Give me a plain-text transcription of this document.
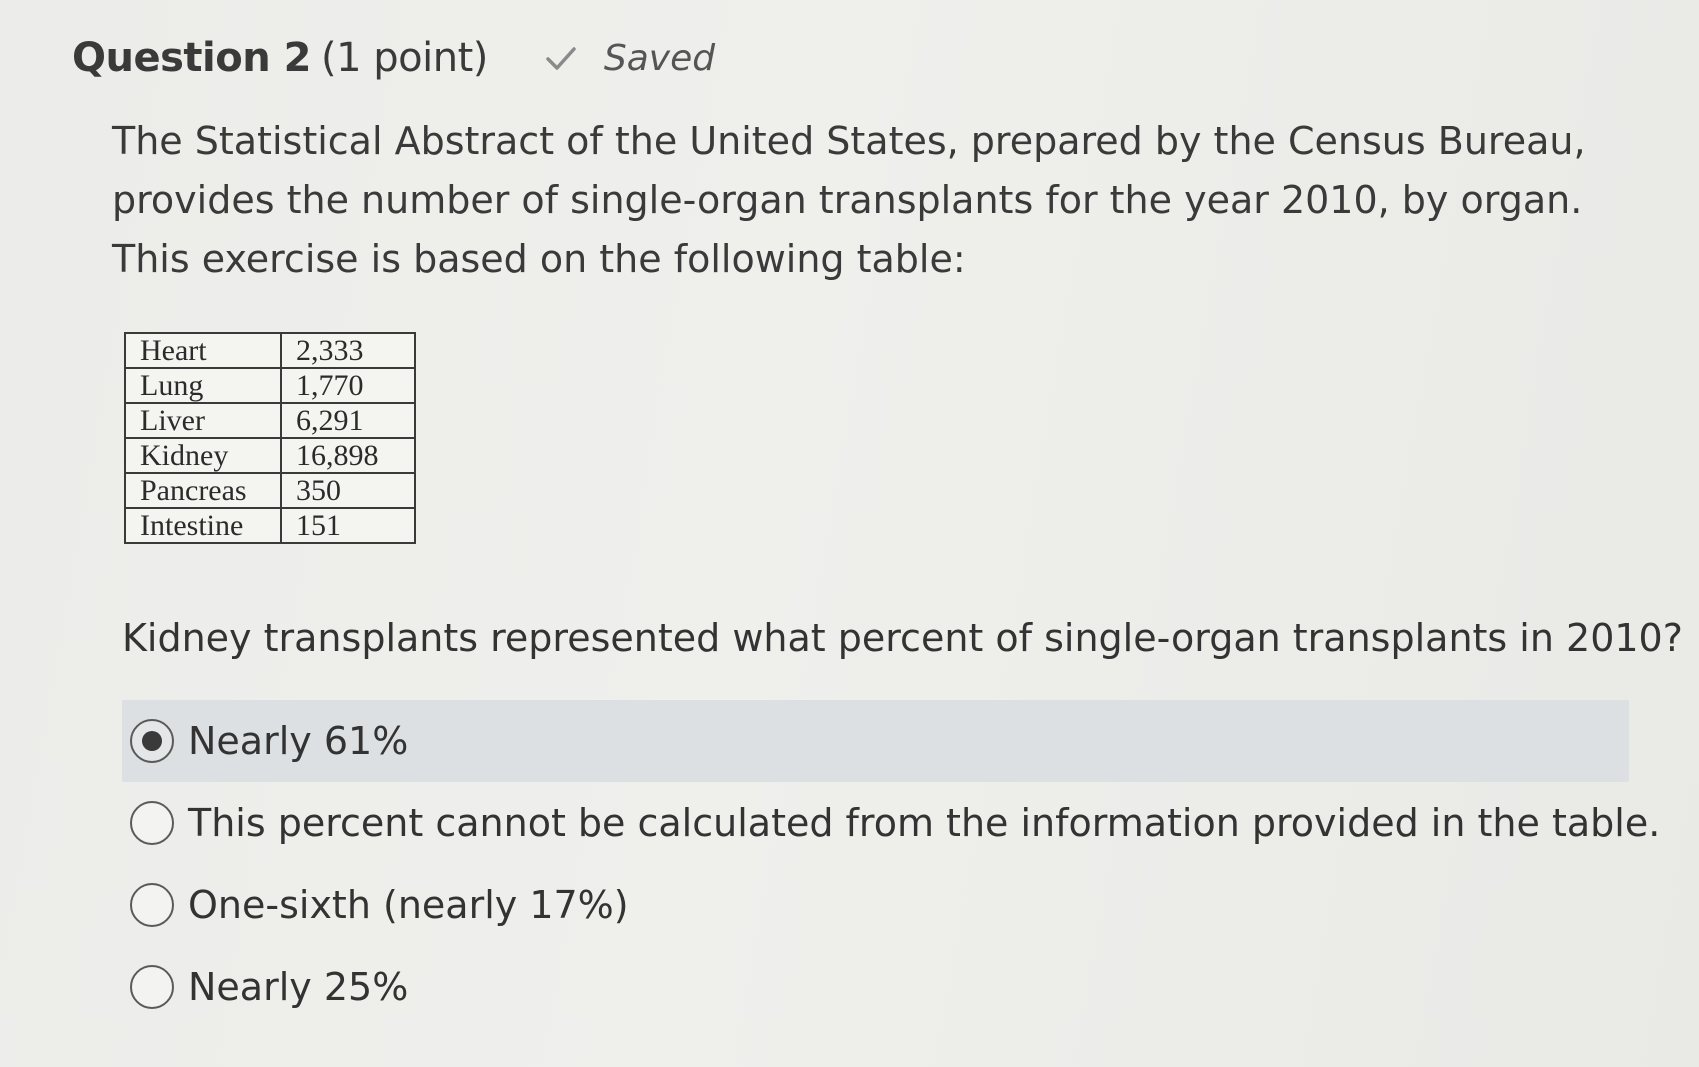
Question 2 (1 point)	Saved

The Statistical Abstract of the United States, prepared by the Census Bureau, provides the number of single-organ transplants for the year 2010, by organ. This exercise is based on the following table:

Heart	2,333
Lung	1,770
Liver	6,291
Kidney	16,898
Pancreas	350
Intestine	151

Kidney transplants represented what percent of single-organ transplants in 2010?

Nearly 61%
This percent cannot be calculated from the information provided in the table.
One-sixth (nearly 17%)
Nearly 25%
